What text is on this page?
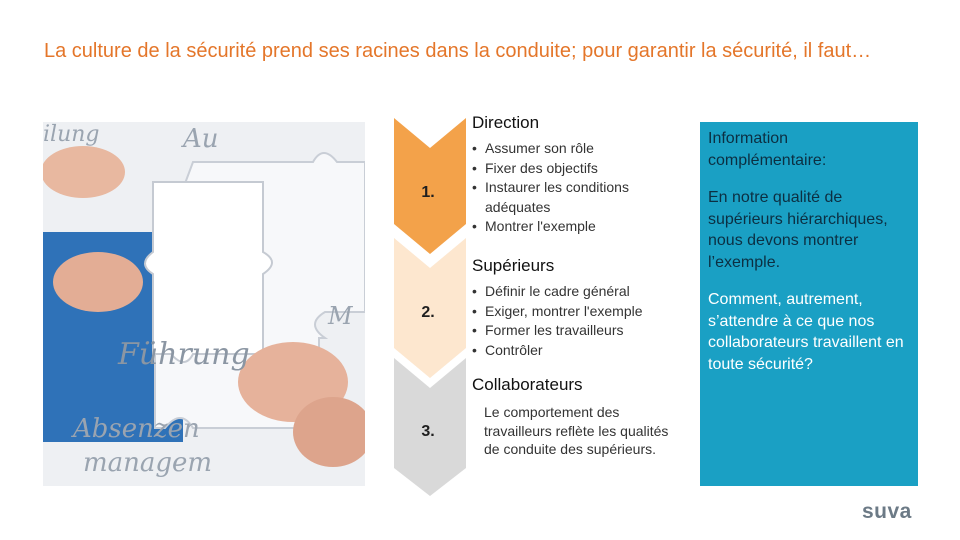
La culture de la sécurité prend ses racines dans la conduite; pour garantir la sécurité, il faut…
ilung	Au
Führung
M
Absenzen
managem
1.
2.
3.
Direction
• Assumer son rôle
• Fixer des objectifs
• Instaurer les conditions adéquates
• Montrer l'exemple
Supérieurs
• Définir le cadre général
• Exiger, montrer l'exemple
• Former les travailleurs
• Contrôler
Collaborateurs
Le comportement des travailleurs reflète les qualités de conduite des supérieurs.

Information complémentaire:

En notre qualité de supérieurs hiérarchiques, nous devons montrer l’exemple.

Comment, autrement, s’attendre à ce que nos collaborateurs travaillent en toute sécurité?

suva
